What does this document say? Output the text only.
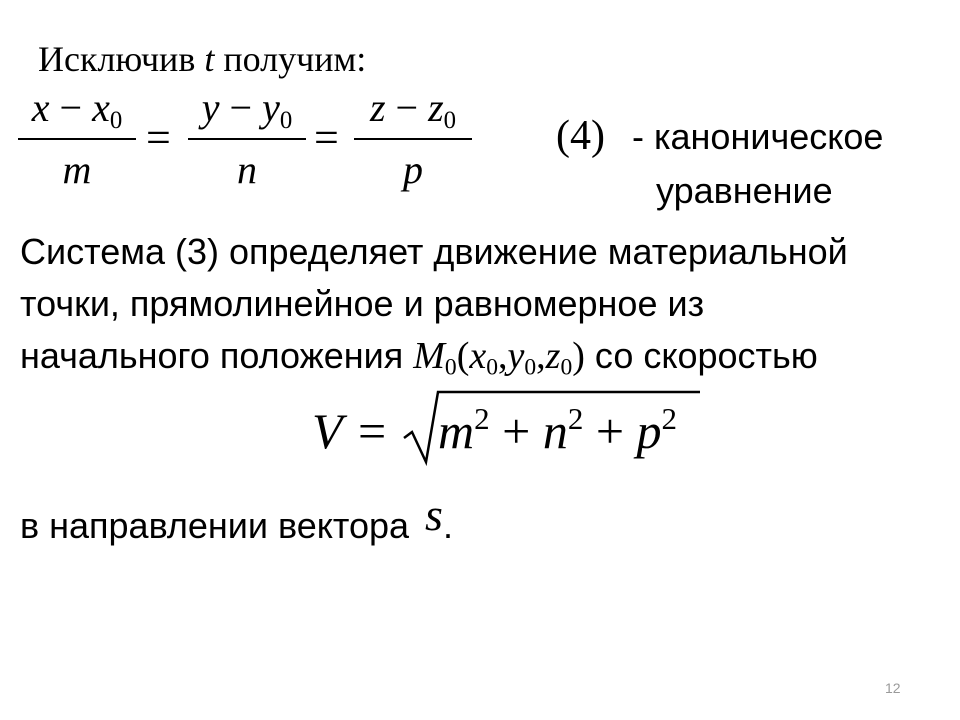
Исключив t получим:
$x - x_0$
m
=
$y - y_0$
n
=
$z - z_0$
p
(4) - каноническое
уравнение
Система (3) определяет движение материальной
точки, прямолинейное и равномерное из
начального положения $M_0(x_0,y_0,z_0)$ со скоростью
$V = m^2 + n^2 + p^2$
в направлении вектора s.
12
